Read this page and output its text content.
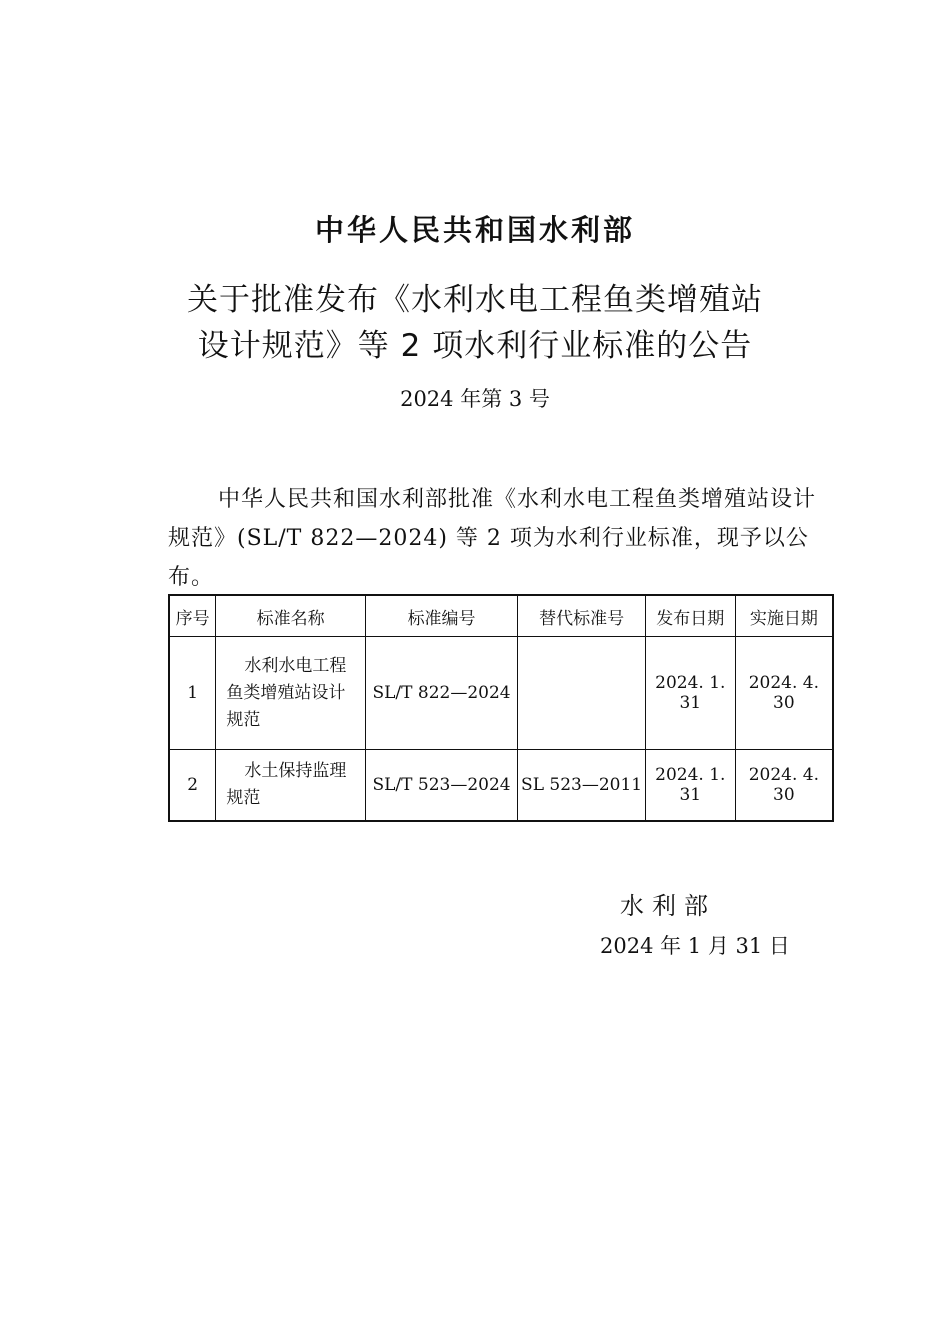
中华人民共和国水利部
关于批准发布《水利水电工程鱼类增殖站
设计规范》等 2 项水利行业标准的公告
2024 年第 3 号
中华人民共和国水利部批准《水利水电工程鱼类增殖站设计
规范》(SL/T 822—2024) 等 2 项为水利行业标准，现予以公布。
序号	标准名称	标准编号	替代标准号	发布日期	实施日期
1	水利水电工程
鱼类增殖站设计
规范	SL/T 822—2024		2024. 1. 31	2024. 4. 30
2	水土保持监理
规范	SL/T 523—2024	SL 523—2011	2024. 1. 31	2024. 4. 30
水利部
2024 年 1 月 31 日
